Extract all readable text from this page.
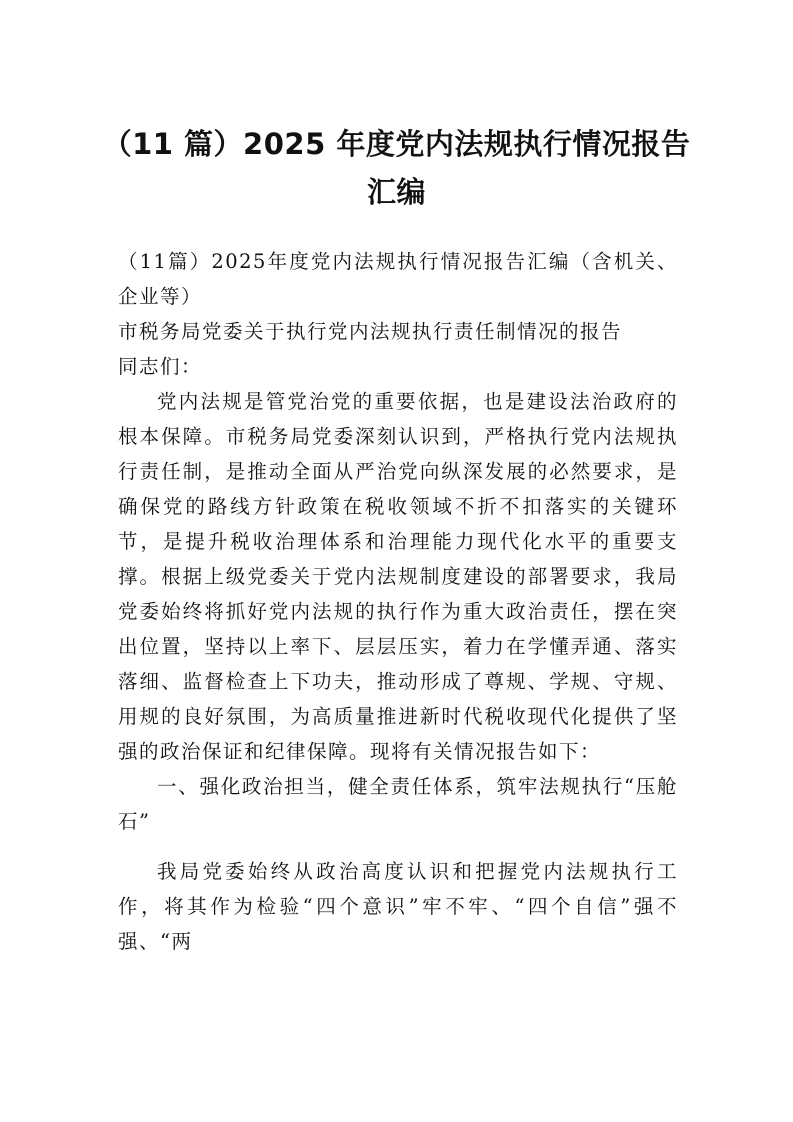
（11 篇）2025 年度党内法规执行情况报告
汇编

（11篇）2025年度党内法规执行情况报告汇编（含机关、企业等）

市税务局党委关于执行党内法规执行责任制情况的报告

同志们：

党内法规是管党治党的重要依据，也是建设法治政府的根本保障。市税务局党委深刻认识到，严格执行党内法规执行责任制，是推动全面从严治党向纵深发展的必然要求，是确保党的路线方针政策在税收领域不折不扣落实的关键环节，是提升税收治理体系和治理能力现代化水平的重要支撑。根据上级党委关于党内法规制度建设的部署要求，我局党委始终将抓好党内法规的执行作为重大政治责任，摆在突出位置，坚持以上率下、层层压实，着力在学懂弄通、落实落细、监督检查上下功夫，推动形成了尊规、学规、守规、用规的良好氛围，为高质量推进新时代税收现代化提供了坚强的政治保证和纪律保障。现将有关情况报告如下：

一、强化政治担当，健全责任体系，筑牢法规执行“压舱石”

我局党委始终从政治高度认识和把握党内法规执行工作，将其作为检验“四个意识”牢不牢、“四个自信”强不强、“两
